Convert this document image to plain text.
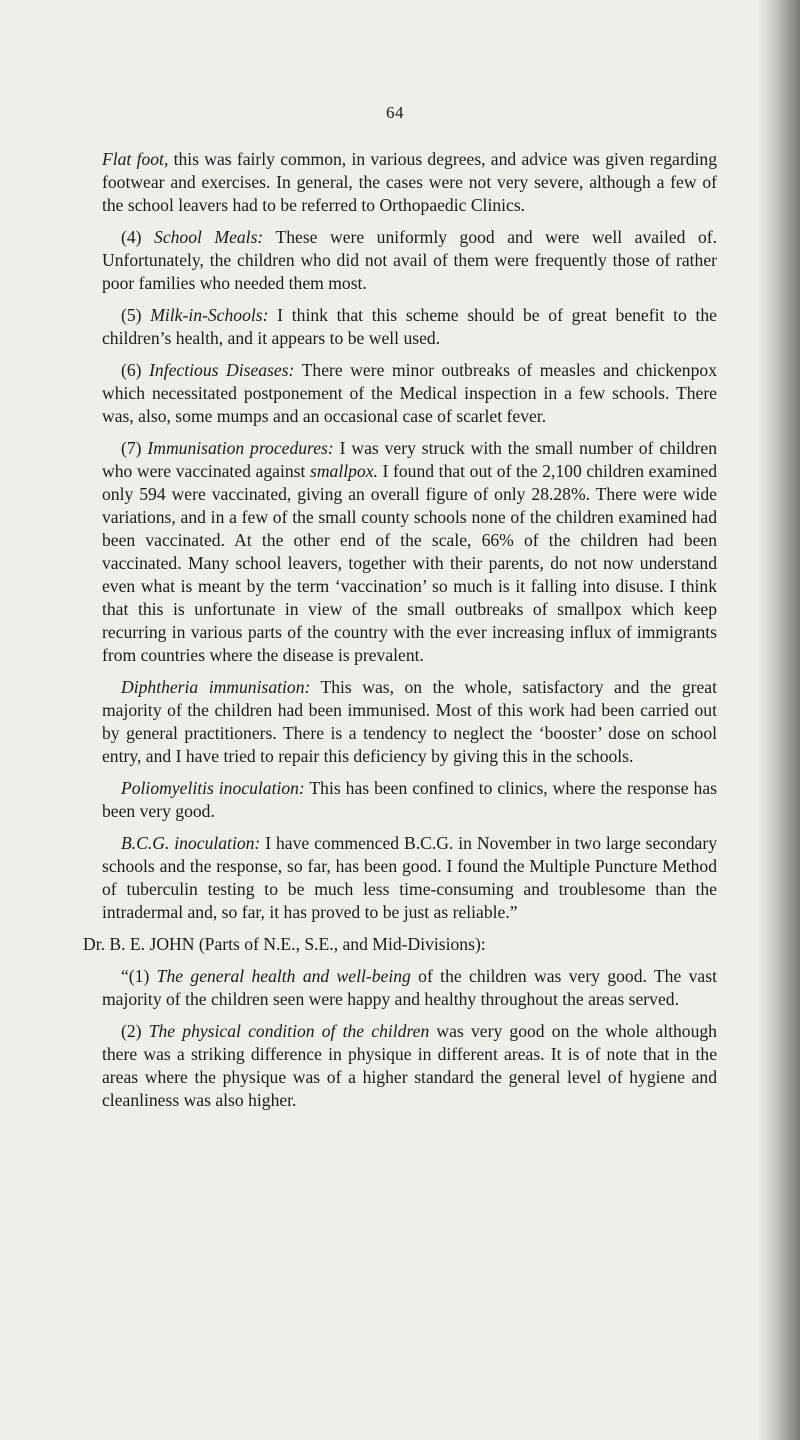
64

Flat foot, this was fairly common, in various degrees, and advice was given regarding footwear and exercises. In general, the cases were not very severe, although a few of the school leavers had to be referred to Orthopaedic Clinics.

(4) School Meals: These were uniformly good and were well availed of. Unfortunately, the children who did not avail of them were frequently those of rather poor families who needed them most.

(5) Milk-in-Schools: I think that this scheme should be of great benefit to the children’s health, and it appears to be well used.

(6) Infectious Diseases: There were minor outbreaks of measles and chickenpox which necessitated postponement of the Medical inspection in a few schools. There was, also, some mumps and an occasional case of scarlet fever.

(7) Immunisation procedures: I was very struck with the small number of children who were vaccinated against smallpox. I found that out of the 2,100 children examined only 594 were vaccinated, giving an overall figure of only 28.28%. There were wide variations, and in a few of the small county schools none of the children examined had been vaccinated. At the other end of the scale, 66% of the children had been vaccinated. Many school leavers, together with their parents, do not now understand even what is meant by the term ‘vaccination’ so much is it falling into disuse. I think that this is unfortunate in view of the small outbreaks of smallpox which keep recurring in various parts of the country with the ever increasing influx of immigrants from countries where the disease is prevalent.

Diphtheria immunisation: This was, on the whole, satisfactory and the great majority of the children had been immunised. Most of this work had been carried out by general practitioners. There is a tendency to neglect the ‘booster’ dose on school entry, and I have tried to repair this deficiency by giving this in the schools.

Poliomyelitis inoculation: This has been confined to clinics, where the response has been very good.

B.C.G. inoculation: I have commenced B.C.G. in November in two large secondary schools and the response, so far, has been good. I found the Multiple Puncture Method of tuberculin testing to be much less time-consuming and troublesome than the intradermal and, so far, it has proved to be just as reliable.”

Dr. B. E. JOHN (Parts of N.E., S.E., and Mid-Divisions):

“(1) The general health and well-being of the children was very good. The vast majority of the children seen were happy and healthy throughout the areas served.

(2) The physical condition of the children was very good on the whole although there was a striking difference in physique in different areas. It is of note that in the areas where the physique was of a higher standard the general level of hygiene and cleanliness was also higher.
